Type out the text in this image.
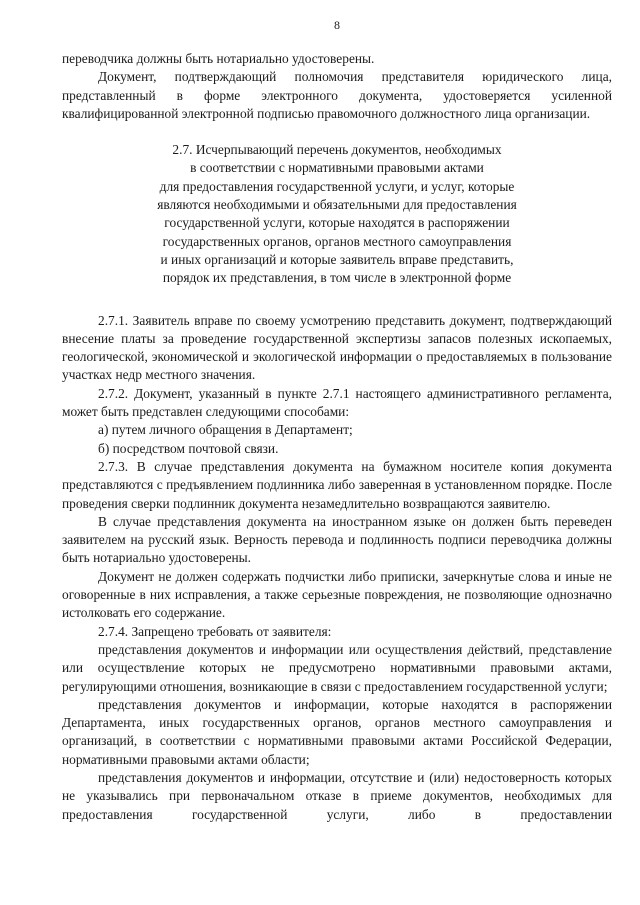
8

переводчика должны быть нотариально удостоверены.

Документ, подтверждающий полномочия представителя юридического лица, представленный в форме электронного документа, удостоверяется усиленной квалифицированной электронной подписью правомочного должностного лица организации.

2.7. Исчерпывающий перечень документов, необходимых
в соответствии с нормативными правовыми актами
для предоставления государственной услуги, и услуг, которые
являются необходимыми и обязательными для предоставления
государственной услуги, которые находятся в распоряжении
государственных органов, органов местного самоуправления
и иных организаций и которые заявитель вправе представить,
порядок их представления, в том числе в электронной форме

2.7.1. Заявитель вправе по своему усмотрению представить документ, подтверждающий внесение платы за проведение государственной экспертизы запасов полезных ископаемых, геологической, экономической и экологической информации о предоставляемых в пользование участках недр местного значения.

2.7.2. Документ, указанный в пункте 2.7.1 настоящего административного регламента, может быть представлен следующими способами:

а) путем личного обращения в Департамент;

б) посредством почтовой связи.

2.7.3. В случае представления документа на бумажном носителе копия документа представляются с предъявлением подлинника либо заверенная в установленном порядке. После проведения сверки подлинник документа незамедлительно возвращаются заявителю.

В случае представления документа на иностранном языке он должен быть переведен заявителем на русский язык. Верность перевода и подлинность подписи переводчика должны быть нотариально удостоверены.

Документ не должен содержать подчистки либо приписки, зачеркнутые слова и иные не оговоренные в них исправления, а также серьезные повреждения, не позволяющие однозначно истолковать его содержание.

2.7.4. Запрещено требовать от заявителя:

представления документов и информации или осуществления действий, представление или осуществление которых не предусмотрено нормативными правовыми актами, регулирующими отношения, возникающие в связи с предоставлением государственной услуги;

представления документов и информации, которые находятся в распоряжении Департамента, иных государственных органов, органов местного самоуправления и организаций, в соответствии с нормативными правовыми актами Российской Федерации, нормативными правовыми актами области;

представления документов и информации, отсутствие и (или) недостоверность которых не указывались при первоначальном отказе в приеме документов, необходимых для предоставления государственной услуги, либо в предоставлении
